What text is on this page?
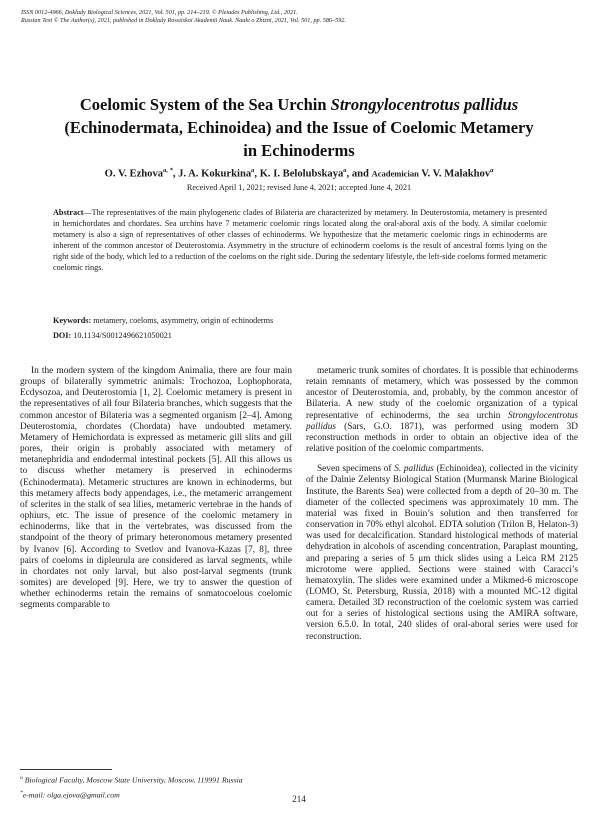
ISSN 0012-4966, Doklady Biological Sciences, 2021, Vol. 501, pp. 214–219. © Pleiades Publishing, Ltd., 2021.
Russian Text © The Author(s), 2021, published in Doklady Rossiiskoi Akademii Nauk. Nauki o Zhizni, 2021, Vol. 501, pp. 586–592.
Coelomic System of the Sea Urchin Strongylocentrotus pallidus
(Echinodermata, Echinoidea) and the Issue of Coelomic Metamery
in Echinoderms
O. V. Ezhova$^{a, *}$, J. A. Kokurkina$^a$, K. I. Belolubskaya$^a$, and Academician V. V. Malakhov$^a$
Received April 1, 2021; revised June 4, 2021; accepted June 4, 2021
Abstract—The representatives of the main phylogenetic clades of Bilateria are characterized by metamery. In Deuterostomia, metamery is presented in hemichordates and chordates. Sea urchins have 7 metameric coelomic rings located along the oral-aboral axis of the body. A similar coelomic metamery is also a sign of representatives of other classes of echinoderms. We hypothesize that the metameric coelomic rings in echinoderms are inherent of the common ancestor of Deuterostomia. Asymmetry in the structure of echinoderm coeloms is the result of ancestral forms lying on the right side of the body, which led to a reduction of the coeloms on the right side. During the sedentary lifestyle, the left-side coeloms formed metameric coelomic rings.
Keywords: metamery, coeloms, asymmetry, origin of echinoderms
DOI: 10.1134/S0012496621050021

In the modern system of the kingdom Animalia, there are four main groups of bilaterally symmetric animals: Trochozoa, Lophophorata, Ecdysozoa, and Deuterostomia [1, 2]. Coelomic metamery is present in the representatives of all four Bilateria branches, which suggests that the common ancestor of Bilateria was a segmented organism [2–4]. Among Deuterostomia, chordates (Chordata) have undoubted metamery. Metamery of Hemichordata is expressed as metameric gill slits and gill pores, their origin is probably associated with metamery of metanephridia and endodermal intestinal pockets [5]. All this allows us to discuss whether metamery is preserved in echinoderms (Echinodermata). Metameric structures are known in echinoderms, but this metamery affects body appendages, i.e., the metameric arrangement of sclerites in the stalk of sea lilies, metameric vertebrae in the hands of ophiurs, etc. The issue of presence of the coelomic metamery in echinoderms, like that in the vertebrates, was discussed from the standpoint of the theory of primary heteronomous metamery presented by Ivanov [6]. According to Svetlov and Ivanova-Kazas [7, 8], three pairs of coeloms in dipleurula are considered as larval segments, while in chordates not only larval, but also post-larval segments (trunk somites) are developed [9]. Here, we try to answer the question of whether echinoderms retain the remains of somatocoelous coelomic segments comparable to

metameric trunk somites of chordates. It is possible that echinoderms retain remnants of metamery, which was possessed by the common ancestor of Deuterostomia, and, probably, by the common ancestor of Bilateria. A new study of the coelomic organization of a typical representative of echinoderms, the sea urchin Strongylocentrotus pallidus (Sars, G.O. 1871), was performed using modern 3D reconstruction methods in order to obtain an objective idea of the relative position of the coelomic compartments.

Seven specimens of S. pallidus (Echinoidea), collected in the vicinity of the Dalnie Zelentsy Biological Station (Murmansk Marine Biological Institute, the Barents Sea) were collected from a depth of 20–30 m. The diameter of the collected specimens was approximately 10 mm. The material was fixed in Bouin’s solution and then transferred for conservation in 70% ethyl alcohol. EDTA solution (Trilon B, Helaton-3) was used for decalcification. Standard histological methods of material dehydration in alcohols of ascending concentration, Paraplast mounting, and preparing a series of 5 μm thick slides using a Leica RM 2125 microtome were applied. Sections were stained with Caracci’s hematoxylin. The slides were examined under a Mikmed-6 microscope (LOMO, St. Petersburg, Russia, 2018) with a mounted MC-12 digital camera. Detailed 3D reconstruction of the coelomic system was carried out for a series of histological sections using the AMIRA software, version 6.5.0. In total, 240 slides of oral-aboral series were used for reconstruction.

$^a$ Biological Faculty, Moscow State University, Moscow, 119991 Russia
*e-mail: olga.ejova@gmail.com	214
